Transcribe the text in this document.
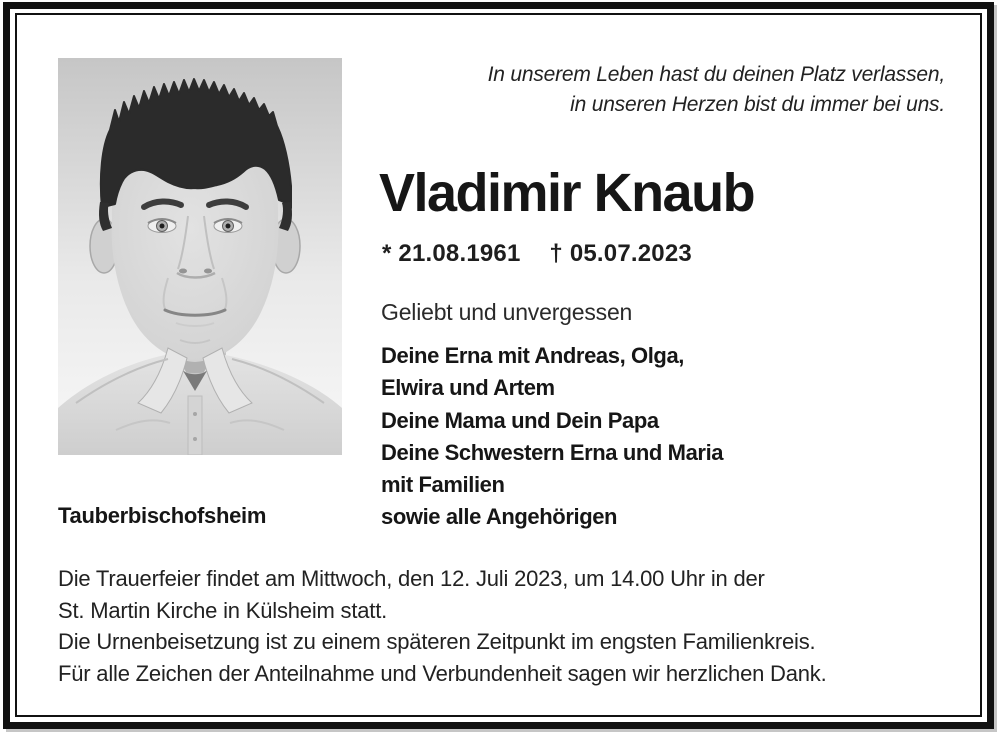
In unserem Leben hast du deinen Platz verlassen,
in unseren Herzen bist du immer bei uns.
Vladimir Knaub
* 21.08.1961 † 05.07.2023
Geliebt und unvergessen
Deine Erna mit Andreas, Olga,
Elwira und Artem
Deine Mama und Dein Papa
Deine Schwestern Erna und Maria
mit Familien
sowie alle Angehörigen
Tauberbischofsheim
Die Trauerfeier findet am Mittwoch, den 12. Juli 2023, um 14.00 Uhr in der
St. Martin Kirche in Külsheim statt.
Die Urnenbeisetzung ist zu einem späteren Zeitpunkt im engsten Familienkreis.
Für alle Zeichen der Anteilnahme und Verbundenheit sagen wir herzlichen Dank.
